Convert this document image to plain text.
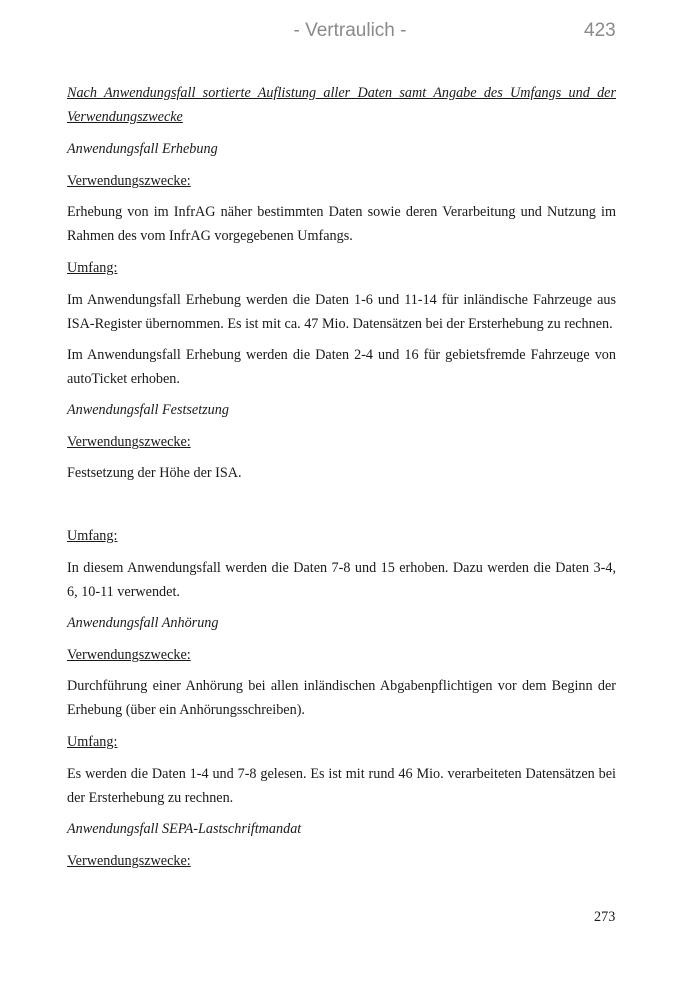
- Vertraulich -	423

Nach Anwendungsfall sortierte Auflistung aller Daten samt Angabe des Umfangs und der Verwendungszwecke

Anwendungsfall Erhebung

Verwendungszwecke:

Erhebung von im InfrAG näher bestimmten Daten sowie deren Verarbeitung und Nutzung im Rahmen des vom InfrAG vorgegebenen Umfangs.

Umfang:

Im Anwendungsfall Erhebung werden die Daten 1-6 und 11-14 für inländische Fahrzeuge aus ISA-Register übernommen. Es ist mit ca. 47 Mio. Datensätzen bei der Ersterhebung zu rechnen.

Im Anwendungsfall Erhebung werden die Daten 2-4 und 16 für gebietsfremde Fahrzeuge von autoTicket erhoben.

Anwendungsfall Festsetzung

Verwendungszwecke:

Festsetzung der Höhe der ISA.

Umfang:

In diesem Anwendungsfall werden die Daten 7-8 und 15 erhoben. Dazu werden die Daten 3-4, 6, 10-11 verwendet.

Anwendungsfall Anhörung

Verwendungszwecke:

Durchführung einer Anhörung bei allen inländischen Abgabenpflichtigen vor dem Beginn der Erhebung (über ein Anhörungsschreiben).

Umfang:

Es werden die Daten 1-4 und 7-8 gelesen. Es ist mit rund 46 Mio. verarbeiteten Datensätzen bei der Ersterhebung zu rechnen.

Anwendungsfall SEPA-Lastschriftmandat

Verwendungszwecke:

273
